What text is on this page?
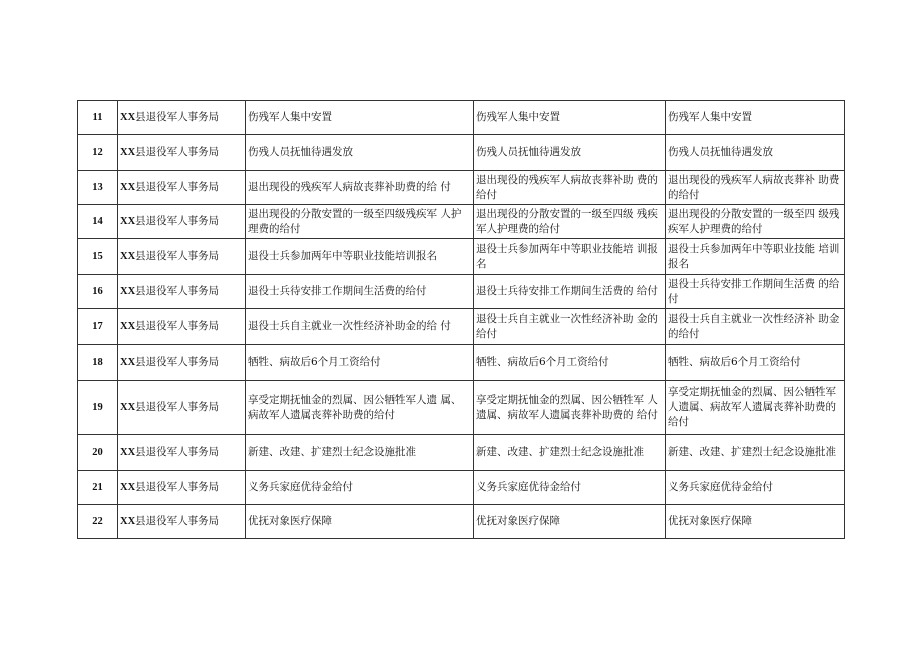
11	XX县退役军人事务局	伤残军人集中安置	伤残军人集中安置	伤残军人集中安置
12	XX县退役军人事务局	伤残人员抚恤待遇发放	伤残人员抚恤待遇发放	伤残人员抚恤待遇发放
13	XX县退役军人事务局	退出现役的残疾军人病故丧葬补助费的给 付	退出现役的残疾军人病故丧葬补助 费的给付	退出现役的残疾军人病故丧葬补 助费的给付
14	XX县退役军人事务局	退出现役的分散安置的一级至四级残疾军 人护理费的给付	退出现役的分散安置的一级至四级 残疾军人护理费的给付	退出现役的分散安置的一级至四 级残疾军人护理费的给付
15	XX县退役军人事务局	退役士兵参加两年中等职业技能培训报名	退役士兵参加两年中等职业技能培 训报名	退役士兵参加两年中等职业技能 培训报名
16	XX县退役军人事务局	退役士兵待安排工作期间生活费的给付	退役士兵待安排工作期间生活费的 给付	退役士兵待安排工作期间生活费 的给付
17	XX县退役军人事务局	退役士兵自主就业一次性经济补助金的给 付	退役士兵自主就业一次性经济补助 金的给付	退役士兵自主就业一次性经济补 助金的给付
18	XX县退役军人事务局	牺牲、病故后6个月工资给付	牺牲、病故后6个月工资给付	牺牲、病故后6个月工资给付
19	XX县退役军人事务局	享受定期抚恤金的烈属、因公牺牲军人遗 属、病故军人遗属丧葬补助费的给付	享受定期抚恤金的烈属、因公牺牲军 人遗属、病故军人遗属丧葬补助费的 给付	享受定期抚恤金的烈属、因公牺牲军人遗属、病故军人遗属丧葬补助费的给付
20	XX县退役军人事务局	新建、改建、扩建烈士纪念设施批准	新建、改建、扩建烈士纪念设施批准	新建、改建、扩建烈士纪念设施批准
21	XX县退役军人事务局	义务兵家庭优待金给付	义务兵家庭优待金给付	义务兵家庭优待金给付
22	XX县退役军人事务局	优抚对象医疗保障	优抚对象医疗保障	优抚对象医疗保障
